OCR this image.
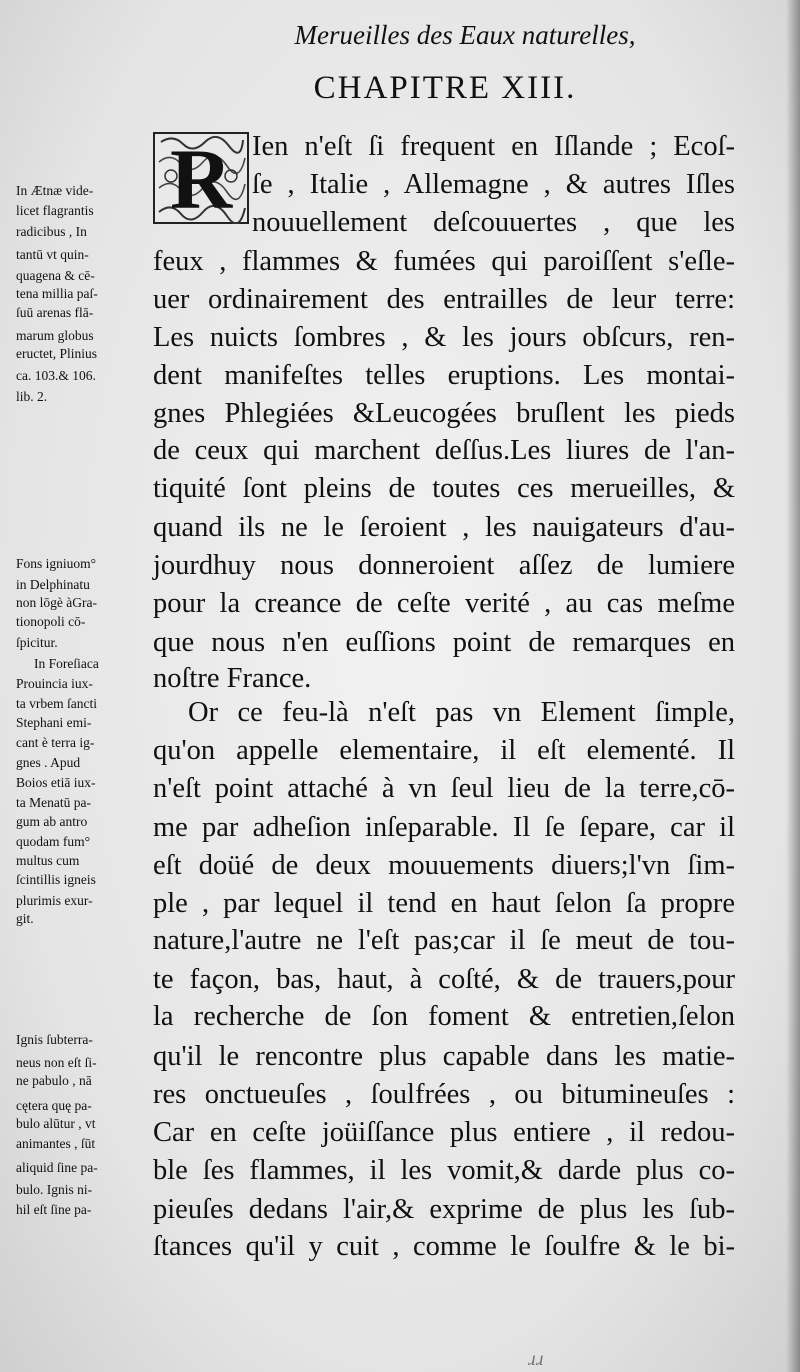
Merueilles des Eaux naturelles,
CHAPITRE XIII.
R Ien n'eſt ſi frequent en Iſlande ; Ecoſ-
ſe , Italie , Allemagne , & autres Iſles
nouuellement deſcouuertes , que les
feux , flammes & fumées qui paroiſſent s'eſle-
uer ordinairement des entrailles de leur terre:
Les nuicts ſombres , & les jours obſcurs, ren-
dent manifeſtes telles eruptions. Les montai-
gnes Phlegiées &Leucogées bruſlent les pieds
de ceux qui marchent deſſus.Les liures de l'an-
tiquité ſont pleins de toutes ces merueilles, &
quand ils ne le ſeroient , les nauigateurs d'au-
jourdhuy nous donneroient aſſez de lumiere
pour la creance de ceſte verité , au cas meſme
que nous n'en euſſions point de remarques en
noſtre France.
Or ce feu-là n'eſt pas vn Element ſimple,
qu'on appelle elementaire, il eſt elementé. Il
n'eſt point attaché à vn ſeul lieu de la terre,cō-
me par adheſion inſeparable. Il ſe ſepare, car il
eſt doüé de deux mouuements diuers;l'vn ſim-
ple , par lequel il tend en haut ſelon ſa propre
nature,l'autre ne l'eſt pas;car il ſe meut de tou-
te façon, bas, haut, à coſté, & de trauers,pour
la recherche de ſon foment & entretien,ſelon
qu'il le rencontre plus capable dans les matie-
res onctueuſes , ſoulfrées , ou bitumineuſes :
Car en ceſte joüiſſance plus entiere , il redou-
ble ſes flammes, il les vomit,& darde plus co-
pieuſes dedans l'air,& exprime de plus les ſub-
ſtances qu'il y cuit , comme le ſoulfre & le bi-
In Ætnæ vide-
licet flagrantis
radicibus , In
tantū vt quin-
quagena & cē-
tena millia paſ-
ſuū arenas flā-
marum globus
eructet, Plinius
ca. 103.& 106.
lib. 2.
Fons igniuom°
in Delphinatu
non lōgè àGra-
tionopoli cō-
ſpicitur.
In Foreſiaca
Prouincia iux-
ta vrbem ſancti
Stephani emi-
cant è terra ig-
gnes . Apud
Boios etiā iux-
ta Menatū pa-
gum ab antro
quodam fum°
multus cum
ſcintillis igneis
plurimis exur-
git.
Ignis ſubterra-
neus non eſt ſi-
ne pabulo , nā
cętera quę pa-
bulo alūtur , vt
animantes , ſūt
aliquid ſine pa-
bulo. Ignis ni-
hil eſt ſine pa-
ɹɹ
